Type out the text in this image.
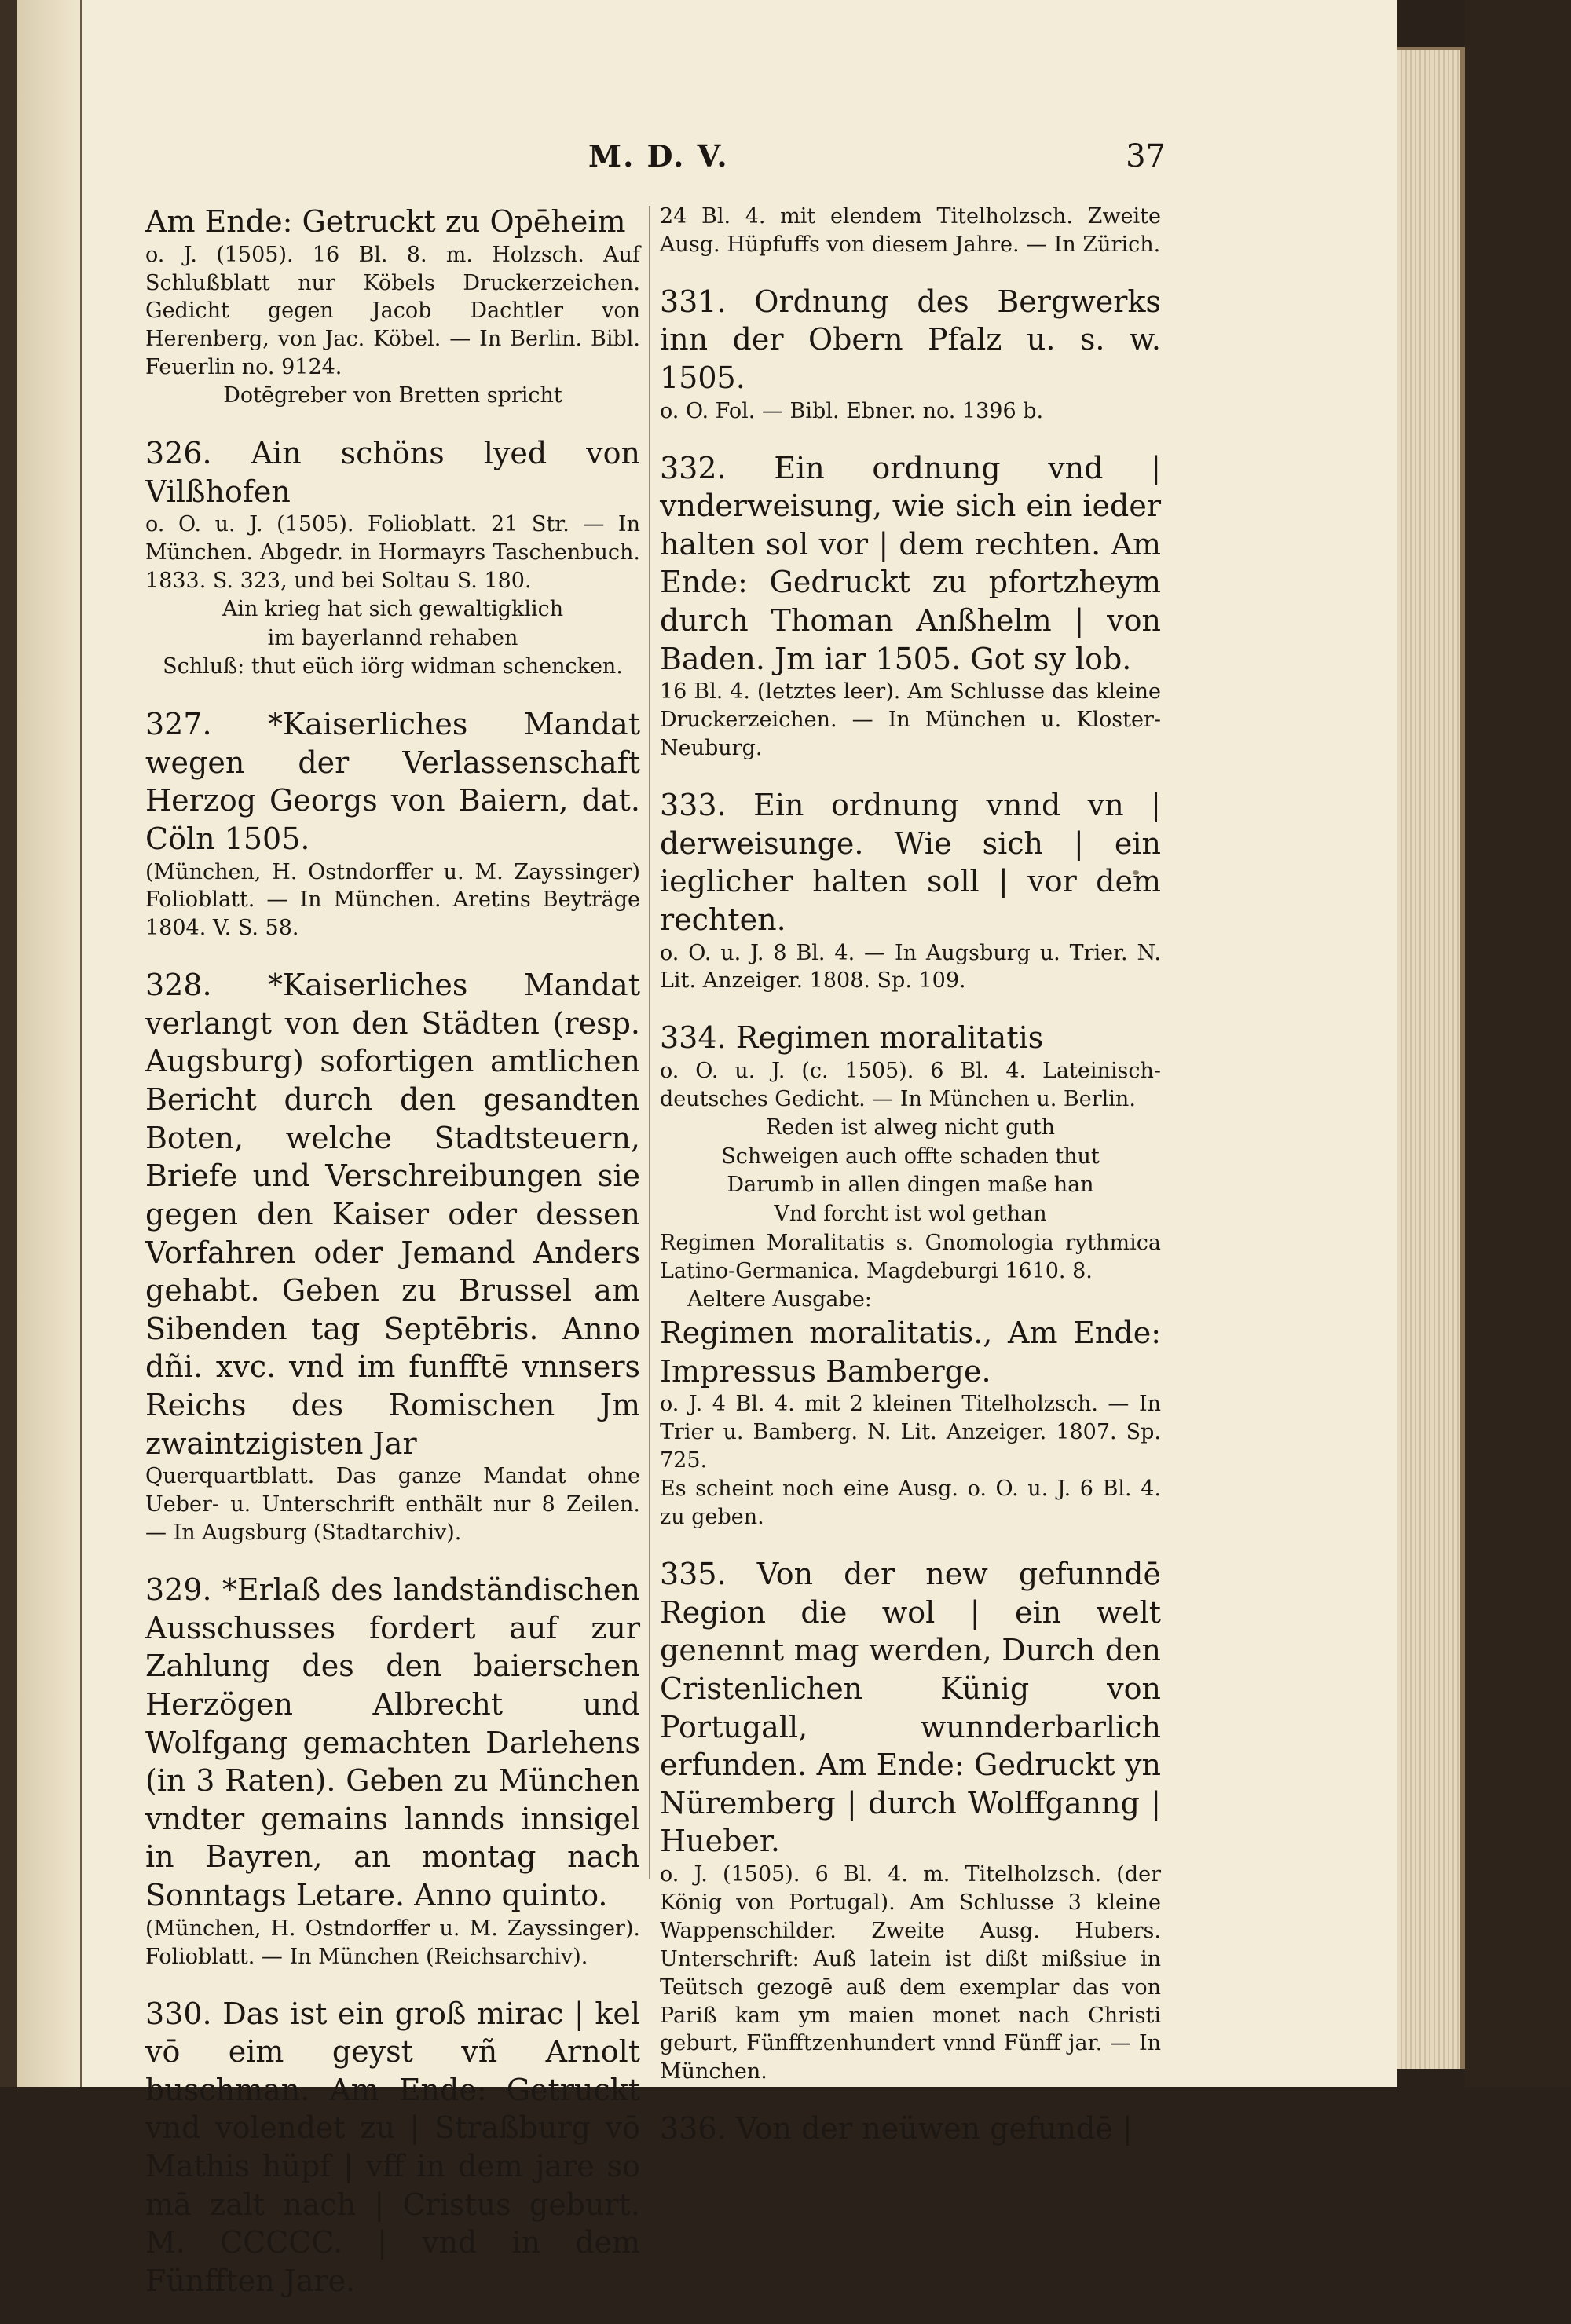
M. D. V.	37

Am Ende: Getruckt zu Opēheim

o. J. (1505). 16 Bl. 8. m. Holzsch. Auf Schlußblatt nur Köbels Druckerzeichen. Gedicht gegen Jacob Dachtler von Herenberg, von Jac. Köbel. — In Berlin. Bibl. Feuerlin no. 9124.

Dotēgreber von Bretten spricht

326. Ain schöns lyed von Vilßhofen

o. O. u. J. (1505). Folioblatt. 21 Str. — In München. Abgedr. in Hormayrs Taschenbuch. 1833. S. 323, und bei Soltau S. 180.

Ain krieg hat sich gewaltigklich

im bayerlannd rehaben

Schluß: thut eüch iörg widman schencken.

327. *Kaiserliches Mandat wegen der Verlassenschaft Herzog Georgs von Baiern, dat. Cöln 1505.

(München, H. Ostndorffer u. M. Zayssinger) Folioblatt. — In München. Aretins Beyträge 1804. V. S. 58.

328. *Kaiserliches Mandat verlangt von den Städten (resp. Augsburg) sofortigen amtlichen Bericht durch den gesandten Boten, welche Stadtsteuern, Briefe und Verschreibungen sie gegen den Kaiser oder dessen Vorfahren oder Jemand Anders gehabt. Geben zu Brussel am Sibenden tag Septēbris. Anno dñi. xvc. vnd im funfftē vnnsers Reichs des Romischen Jm zwaintzigisten Jar

Querquartblatt. Das ganze Mandat ohne Ueber- u. Unterschrift enthält nur 8 Zeilen. — In Augsburg (Stadtarchiv).

329. *Erlaß des landständischen Ausschusses fordert auf zur Zahlung des den baierschen Herzögen Albrecht und Wolfgang gemachten Darlehens (in 3 Raten). Geben zu München vndter gemains lannds innsigel in Bayren, an montag nach Sonntags Letare. Anno quinto.

(München, H. Ostndorffer u. M. Zayssinger). Folioblatt. — In München (Reichsarchiv).

330. Das ist ein groß mirac | kel vō eim geyst vñ Arnolt buschman. Am Ende: Getruckt vnd volendet zu | Straßburg vō Mathis hüpf | vff in dem jare so mā zalt nach | Cristus geburt. M. CCCCC. | vnd in dem Fünfften Jare.

24 Bl. 4. mit elendem Titelholzsch. Zweite Ausg. Hüpfuffs von diesem Jahre. — In Zürich.

331. Ordnung des Bergwerks inn der Obern Pfalz u. s. w. 1505.

o. O. Fol. — Bibl. Ebner. no. 1396 b.

332. Ein ordnung vnd | vnderweisung, wie sich ein ieder halten sol vor | dem rechten. Am Ende: Gedruckt zu pfortzheym durch Thoman Anßhelm | von Baden. Jm iar 1505. Got sy lob.

16 Bl. 4. (letztes leer). Am Schlusse das kleine Druckerzeichen. — In München u. Kloster-Neuburg.

333. Ein ordnung vnnd vn | derweisunge. Wie sich | ein ieglicher halten soll | vor dem rechten.

o. O. u. J. 8 Bl. 4. — In Augsburg u. Trier. N. Lit. Anzeiger. 1808. Sp. 109.

334. Regimen moralitatis

o. O. u. J. (c. 1505). 6 Bl. 4. Lateinisch-deutsches Gedicht. — In München u. Berlin.

Reden ist alweg nicht guth

Schweigen auch offte schaden thut

Darumb in allen dingen maße han

Vnd forcht ist wol gethan

Regimen Moralitatis s. Gnomologia rythmica Latino-Germanica. Magdeburgi 1610. 8.

Aeltere Ausgabe:

Regimen moralitatis., Am Ende: Impressus Bamberge.

o. J. 4 Bl. 4. mit 2 kleinen Titelholzsch. — In Trier u. Bamberg. N. Lit. Anzeiger. 1807. Sp. 725.

Es scheint noch eine Ausg. o. O. u. J. 6 Bl. 4. zu geben.

335. Von der new gefunndē Region die wol | ein welt genennt mag werden, Durch den Cristenlichen Künig von Portugall, wunnderbarlich erfunden. Am Ende: Gedruckt yn Nüremberg | durch Wolffganng | Hueber.

o. J. (1505). 6 Bl. 4. m. Titelholzsch. (der König von Portugal). Am Schlusse 3 kleine Wappenschilder. Zweite Ausg. Hubers. Unterschrift: Auß latein ist dißt mißsiue in Teütsch gezogē auß dem exemplar das von Pariß kam ym maien monet nach Christi geburt, Fünfftzenhundert vnnd Fünff jar. — In München.

336. Von der neüwen gefundē |
